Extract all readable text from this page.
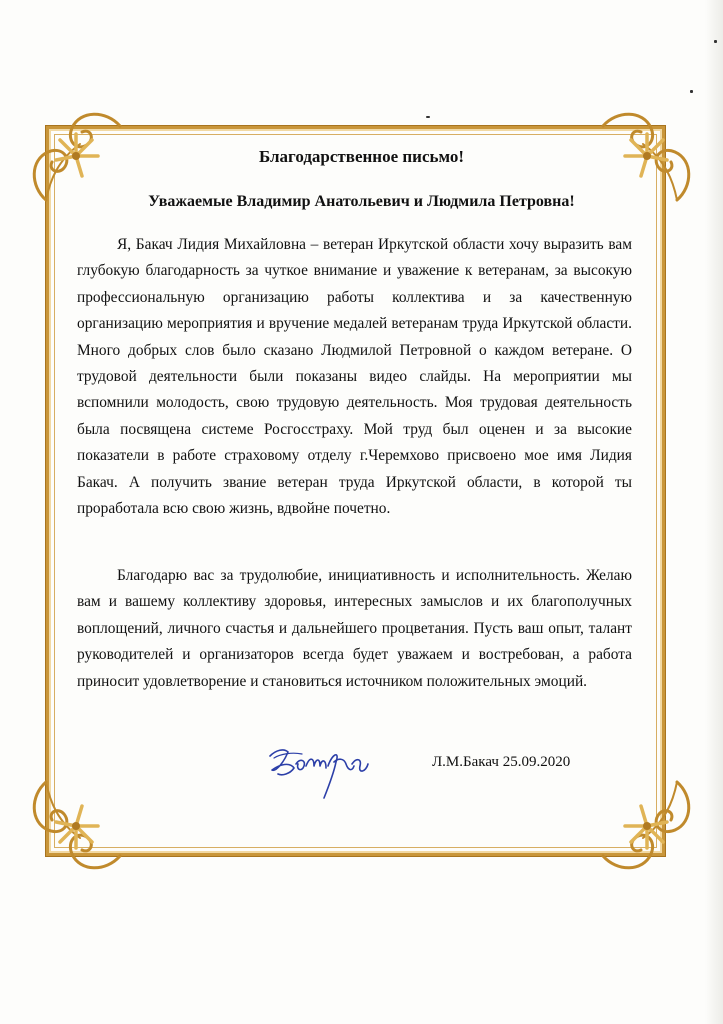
Благодарственное письмо!
Уважаемые Владимир Анатольевич и Людмила Петровна!

Я, Бакач Лидия Михайловна – ветеран Иркутской области хочу выразить вам глубокую благодарность за чуткое внимание и уважение к ветеранам, за высокую профессиональную организацию работы коллектива и за качественную организацию мероприятия и вручение медалей ветеранам труда Иркутской области. Много добрых слов было сказано Людмилой Петровной о каждом ветеране. О трудовой деятельности были показаны видео слайды. На мероприятии мы вспомнили молодость, свою трудовую деятельность. Моя трудовая деятельность была посвящена системе Росгосстраху. Мой труд был оценен и за высокие показатели в работе страховому отделу г.Черемхово присвоено мое имя Лидия Бакач. А получить звание ветеран труда Иркутской области, в которой ты проработала всю свою жизнь, вдвойне почетно.

Благодарю вас за трудолюбие, инициативность и исполнительность. Желаю вам и вашему коллективу здоровья, интересных замыслов и их благополучных воплощений, личного счастья и дальнейшего процветания. Пусть ваш опыт, талант руководителей и организаторов всегда будет уважаем и востребован, а работа приносит удовлетворение и становиться источником положительных эмоций.

Л.М.Бакач 25.09.2020
